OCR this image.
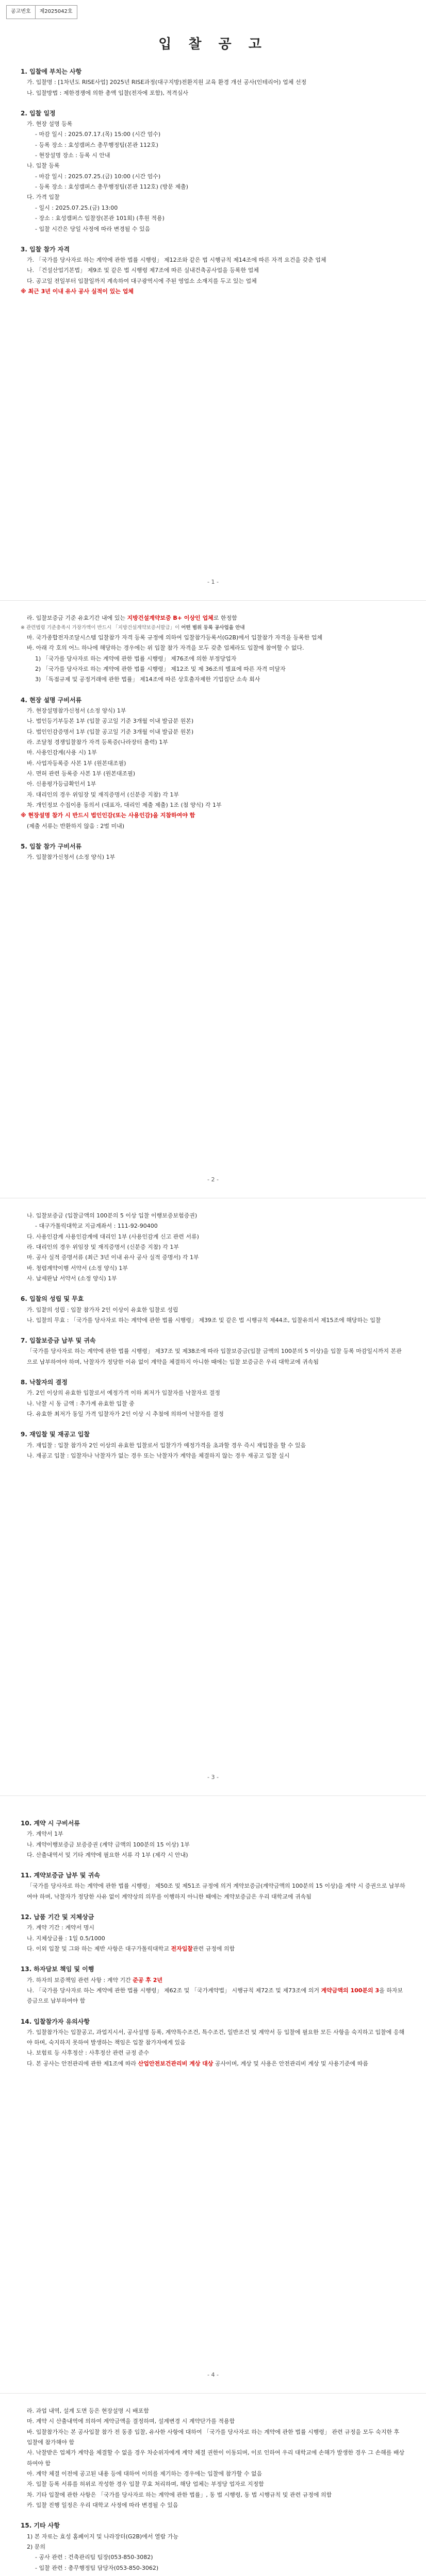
공고번호	제2025042호
입 찰 공 고
1. 입찰에 부치는 사항
가. 입찰명 : [1차년도 RISE사업] 2025년 RISE과정(대구지방)전환지원 교육 환경 개선 공사(인테리어) 업체 선정
나. 입찰방법 : 제한경쟁에 의한 총액 입찰(전자에 포함), 적격심사
2. 입찰 일정
가. 현장 설명 등록
- 마감 일시 : 2025.07.17.(목) 15:00 (시간 엄수)
- 등록 장소 : 효성캠퍼스 총무행정팀(본관 112호)
- 현장설명 장소 : 등록 시 안내
나. 입찰 등록
- 마감 일시 : 2025.07.25.(금) 10:00 (시간 엄수)
- 등록 장소 : 효성캠퍼스 총무행정팀(본관 112호) (방문 제출)
다. 가격 입찰
- 일시 : 2025.07.25.(금) 13:00
- 장소 : 효성캠퍼스 입찰장(본관 101회) (후원 적용)
- 입찰 시간은 당일 사정에 따라 변경될 수 있음
3. 입찰 참가 자격
가. 「국가를 당사자로 하는 계약에 관한 법률 시행령」 제12조와 같은 법 시행규칙 제14조에 따른 자격 요건을 갖춘 업체
나. 「건설산업기본법」 제9조 및 같은 법 시행령 제7조에 따른 실내건축공사업을 등록한 업체
다. 공고일 전일부터 입찰일까지 계속하여 대구광역시에 주된 영업소 소재지를 두고 있는 업체
※ 최근 3년 이내 유사 공사 실적이 있는 업체
- 1 -
라. 입찰보증금 기준 유효기간 내에 있는 지방건설계약보증 B+ 이상인 업체로 한정함
※ 관련법령 기준충족시 가장가액이 반드시 「지방건설계약보증서발급」이 어떤 범위 등록 공사업을 안내
마. 국가종합전자조달시스템 입찰참가 자격 등록 규정에 의하여 입찰참가등록서(G2B)에서 입찰참가 자격을 등록한 업체
바. 아래 각 호의 어느 하나에 해당하는 경우에는 위 입찰 참가 자격을 모두 갖춘 업체라도 입찰에 참여할 수 없다.
1) 「국가를 당사자로 하는 계약에 관한 법률 시행령」 제76조에 의한 부정당업자
2) 「국가를 당사자로 하는 계약에 관한 법률 시행령」 제12조 및 제 36조의 별표에 따른 자격 미달자
3) 「독점규제 및 공정거래에 관한 법률」 제14조에 따른 상호출자제한 기업집단 소속 회사
4. 현장 설명 구비서류
가. 현장설명참가신청서 (소정 양식) 1부
나. 법인등기부등본 1부 (입찰 공고일 기준 3개월 이내 발급분 원본)
다. 법인인감증명서 1부 (입찰 공고일 기준 3개월 이내 발급분 원본)
라. 조달청 경쟁입찰참가 자격 등록증(나라장터 출력) 1부
마. 사용인감계(사용 시) 1부
바. 사업자등록증 사본 1부 (원본대조필)
사. 면허 관련 등록증 사본 1부 (원본대조필)
아. 신용평가등급확인서 1부
자. 대리인의 경우 위임장 및 재직증명서 (신분증 지참) 각 1부
차. 개인정보 수집이용 동의서 (대표자, 대리인 제출 제출) 1조 (첨 양식) 각 1부
※ 현장설명 참가 시 반드시 법인인감(또는 사용인감)을 지참하여야 함
(제출 서류는 반환하지 않음 : 2벌 미내)
5. 입찰 참가 구비서류
가. 입찰참가신청서 (소정 양식) 1부
- 2 -
나. 입찰보증금 (입찰금액의 100분의 5 이상 입찰 이행보증보험증권)
- 대구가톨릭대학교 지급계좌서 : 111-92-90400
다. 사용인감계 사용인감계에 대리인 1부 (사용인감계 신고 관련 서류)
라. 대리인의 경우 위임장 및 재직증명서 (신분증 지참) 각 1부
마. 공사 실적 증명서류 (최근 3년 이내 유사 공사 실적 증명서) 각 1부
바. 청렴계약이행 서약서 (소정 양식) 1부
사. 납세완납 서약서 (소정 양식) 1부
6. 입찰의 성립 및 무효
가. 입찰의 성립 : 입찰 참가자 2인 이상이 유효한 입찰로 성립
나. 입찰의 무효 : 「국가를 당사자로 하는 계약에 관한 법률 시행령」 제39조 및 같은 법 시행규칙 제44조, 입찰유의서 제15조에 해당하는 입찰
7. 입찰보증금 납부 및 귀속
「국가를 당사자로 하는 계약에 관한 법률 시행령」 제37조 및 제38조에 따라 입찰보증금(입찰 금액의 100분의 5 이상)을 입찰 등록 마감일시까지 본관으로 납부하여야 하며, 낙찰자가 정당한 이유 없이 계약을 체결하지 아니한 때에는 입찰 보증금은 우리 대학교에 귀속됨
8. 낙찰자의 결정
가. 2인 이상의 유효한 입찰로서 예정가격 이하 최저가 입찰자를 낙찰자로 결정
나. 낙찰 시 동 금액 : 추가계 유효한 입찰 중
다. 유효한 최저가 동일 가격 입찰자가 2인 이상 시 추첨에 의하여 낙찰자를 결정
9. 재입찰 및 재공고 입찰
가. 재입찰 : 입찰 참가자 2인 이상의 유효한 입찰로서 입찰가가 예정가격을 초과할 경우 즉시 재입찰을 할 수 있음
나. 재공고 입찰 : 입찰자나 낙찰자가 없는 경우 또는 낙찰자가 계약을 체결하지 않는 경우 재공고 입찰 실시
- 3 -
10. 계약 시 구비서류
가. 계약서 1부
나. 계약이행보증금 보증증권 (계약 금액의 100분의 15 이상) 1부
다. 산출내역서 및 기타 계약에 필요한 서류 각 1부 (제각 시 안내)
11. 계약보증금 납부 및 귀속
「국가를 당사자로 하는 계약에 관한 법률 시행령」 제50조 및 제51조 규정에 의거 계약보증금(계약금액의 100분의 15 이상)을 계약 시 증권으로 납부하여야 하며, 낙찰자가 정당한 사유 없이 계약상의 의무를 이행하지 아니한 때에는 계약보증금은 우리 대학교에 귀속됨
12. 납품 기간 및 지체상금
가. 계약 기간 : 계약서 명시
나. 지체상금률 : 1일 0.5/1000
다. 이외 입찰 및 그와 하는 제반 사항은 대구가톨릭대학교 전자입찰관련 규정에 의함
13. 하자담보 책임 및 이행
가. 하자의 보증책임 관련 사항 : 계약 기간 준공 후 2년
나. 「국가를 당사자로 하는 계약에 관한 법률 시행령」 제62조 및 「국가계약법」 시행규칙 제72조 및 제73조에 의거 계약금액의 100분의 3을 하자보증금으로 납부하여야 함
14. 입찰참가자 유의사항
가. 입찰참가자는 입찰공고, 과업지시서, 공사설명 등록, 계약특수조건, 특수조건, 일반조건 및 계약서 등 입찰에 필요한 모든 사항을 숙지하고 입찰에 응해야 하며, 숙지하지 못하여 발생하는 책임은 입찰 참가자에게 있음
나. 보험료 등 사후정산 : 사후정산 관련 규정 준수
다. 본 공사는 안전관리에 관한 제1조에 따라 산업안전보건관리비 계상 대상 공사이며, 계상 및 사용은 안전관리비 계상 및 사용기준에 따름
- 4 -
라. 과업 내역, 설계 도면 등은 현장설명 시 배포함
마. 계약 시 산출내역에 의하여 계약금액을 결정하며, 설계변경 시 계약단가를 적용함
바. 입찰참가자는 본 공사입찰 참가 전 동종 입찰, 유사한 사항에 대하여 「국가를 당사자로 하는 계약에 관한 법률 시행령」 관련 규정을 모두 숙지한 후 입찰에 참가해야 함
사. 낙찰받은 업체가 계약을 체결할 수 없을 경우 차순위자에게 계약 체결 권한이 이동되며, 이로 인하여 우리 대학교에 손해가 발생한 경우 그 손해를 배상하여야 함
아. 계약 체결 이전에 공고된 내용 등에 대하여 이의를 제기하는 경우에는 입찰에 참가할 수 없음
자. 입찰 등록 서류를 허위로 작성한 경우 입찰 무효 처리하며, 해당 업체는 부정당 업자로 지정함
차. 기타 입찰에 관한 사항은 「국가를 당사자로 하는 계약에 관한 법률」, 동 법 시행령, 동 법 시행규칙 및 관련 규정에 의함
카. 입찰 진행 일정은 우리 대학교 사정에 따라 변경될 수 있음
15. 기타 사항
1) 본 자료는 효성 홈페이지 및 나라장터(G2B)에서 열람 가능
2) 문의
- 공사 관련 : 건축관리팀 팀장(053-850-3082)
- 입찰 관련 : 총무행정팀 담당자(053-850-3062)
